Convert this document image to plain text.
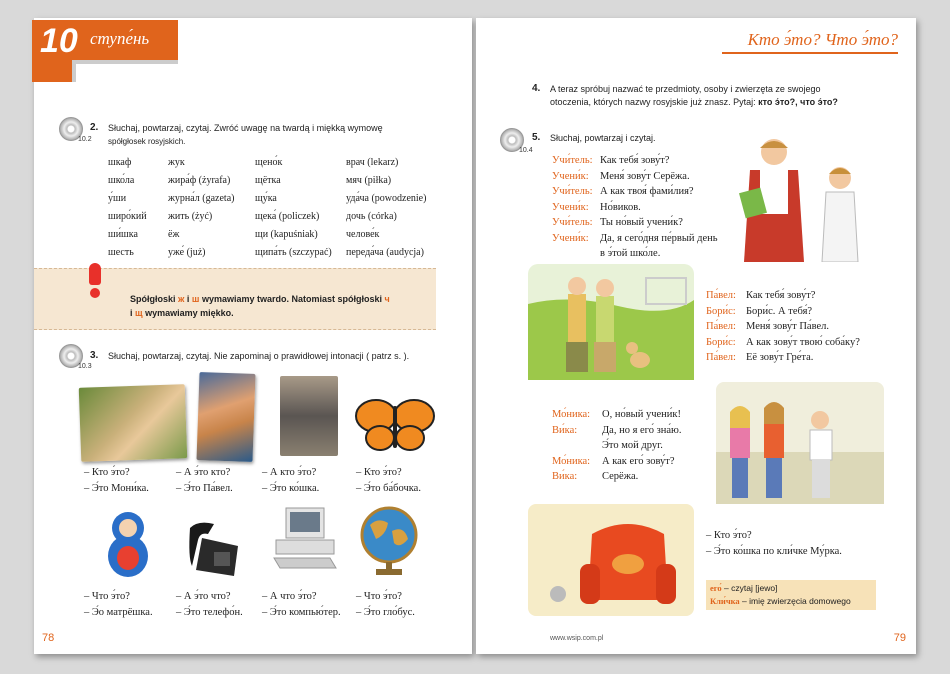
10 ступе́нь
10.2
2. Słuchaj, powtarzaj, czytaj. Zwróć uwagę na twardą i miękką wymowę
spółgłosek rosyjskich.
шкаф
шко́ла
у́ши
широ́кий
ши́шка
шесть
жук
жира́ф (żyrafa)
журна́л (gazeta)
жить (żyć)
ёж
уже́ (już)
щено́к
щётка
щу́ка
щека́ (policzek)
щи (kapuśniak)
щипа́ть (szczypać)
врач (lekarz)
мяч (piłka)
уда́ча (powodzenie)
дочь (córka)
челове́к
переда́ча (audycja)
Spółgłoski ж i ш wymawiamy twardo. Natomiast spółgłoski ч
i щ wymawiamy miękko.
10.3
3. Słuchaj, powtarzaj, czytaj. Nie zapominaj o prawidłowej intonacji ( patrz s. ).
– Кто э́то?
– Э́то Мони́ка.
– А э́то кто?
– Э́то Па́вел.
– А кто э́то?
– Э́то ко́шка.
– Кто э́то?
– Э́то ба́бочка.
– Что э́то?
– Э́о матрёшка.
– А э́то что?
– Э́то телефо́н.
– А что э́то?
– Э́то компью́тер.
– Что э́то?
– Э́то гло́бус.
78
Кто э́то? Что э́то?
4. A teraz spróbuj nazwać te przedmioty, osoby i zwierzęta ze swojego
otoczenia, których nazwy rosyjskie już znasz. Pytaj: кто э́то?, что э́то?
10.4
5. Słuchaj, powtarzaj i czytaj.
Учи́тель: Как тебя́ зову́т?
Учени́к: Меня́ зову́т Серёжа.
Учи́тель: А как твоя́ фами́лия?
Учени́к: Но́виков.
Учи́тель: Ты но́вый учени́к?
Учени́к: Да, я сего́дня пе́рвый день
в э́той шко́ле.
Па́вел: Как тебя́ зову́т?
Бори́с: Бори́с. А тебя́?
Па́вел: Меня́ зову́т Па́вел.
Бори́с: А как зову́т твою́ соба́ку?
Па́вел: Её зову́т Гре́та.
Мо́ника: О, но́вый учени́к!
Ви́ка: Да, но я его́ зна́ю.
Э́то мой друг.
Мо́ника: А как его́ зову́т?
Ви́ка: Серёжа.
– Кто э́то?
– Э́то ко́шка по кли́чке Му́рка.
его́ – czytaj [jewo]
Кли́чка – imię zwierzęcia domowego
www.wsip.com.pl	79
